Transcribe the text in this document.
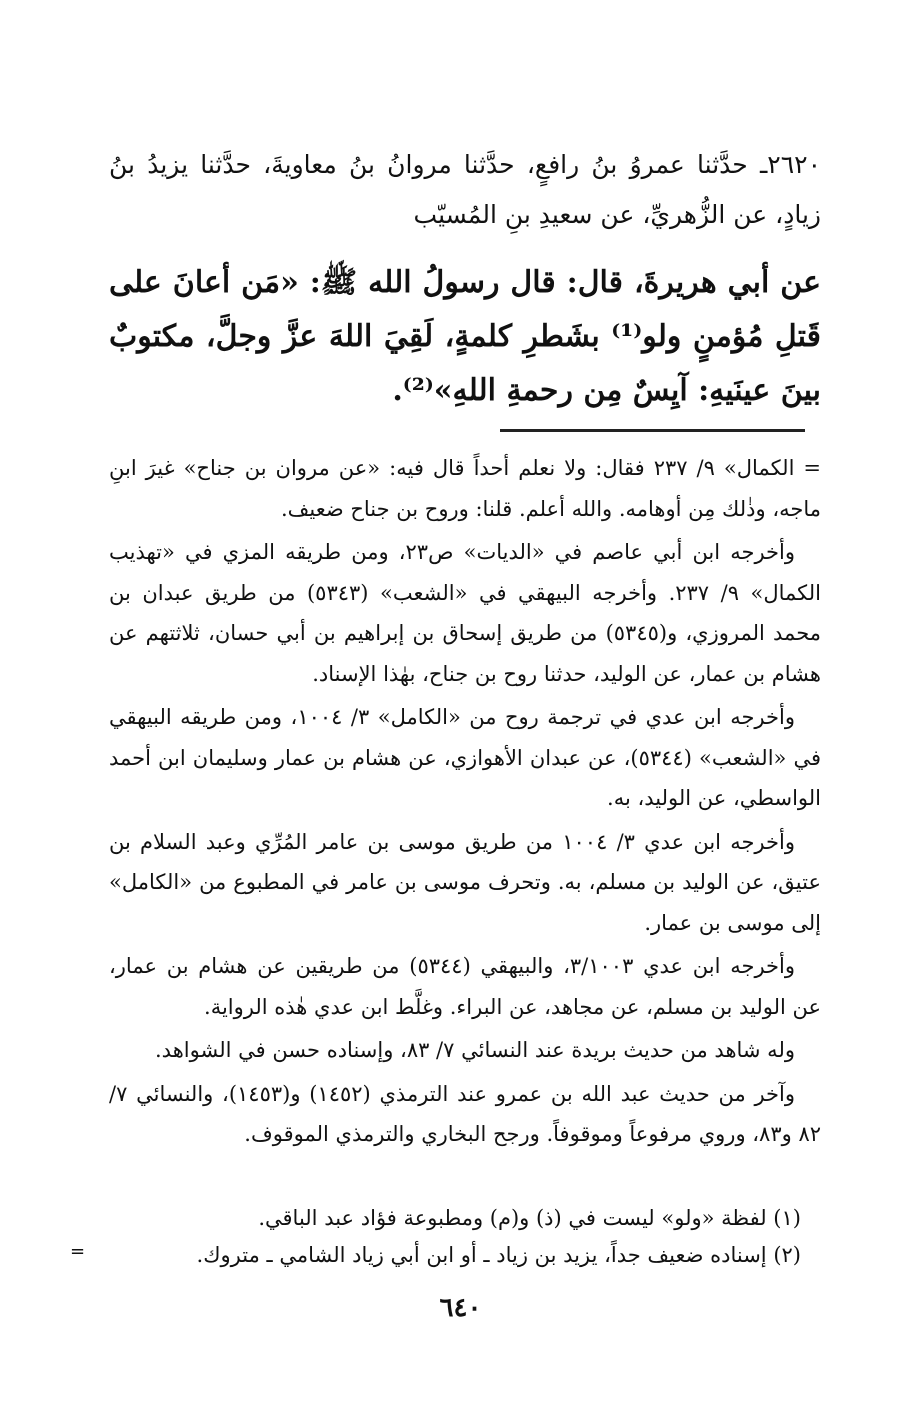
٢٦٢٠ـ حدَّثنا عمروُ بنُ رافعٍ، حدَّثنا مروانُ بنُ معاويةَ، حدَّثنا يزيدُ بنُ زيادٍ، عن الزُّهريِّ، عن سعيدِ بنِ المُسيّب
عن أبي هريرةَ، قال: قال رسولُ الله ﷺ: «مَن أعانَ على قَتلِ مُؤمنٍ ولو⁽¹⁾ بشَطرِ كلمةٍ، لَقِيَ اللهَ عزَّ وجلَّ، مكتوبٌ بينَ عينَيهِ: آيِسٌ مِن رحمةِ اللهِ»⁽²⁾.

= الكمال» ٩/ ٢٣٧ فقال: ولا نعلم أحداً قال فيه: «عن مروان بن جناح» غيرَ ابنِ ماجه، وذٰلك مِن أوهامه. والله أعلم. قلنا: وروح بن جناح ضعيف.

وأخرجه ابن أبي عاصم في «الديات» ص٢٣، ومن طريقه المزي في «تهذيب الكمال» ٩/ ٢٣٧. وأخرجه البيهقي في «الشعب» (٥٣٤٣) من طريق عبدان بن محمد المروزي، و(٥٣٤٥) من طريق إسحاق بن إبراهيم بن أبي حسان، ثلاثتهم عن هشام بن عمار، عن الوليد، حدثنا روح بن جناح، بهٰذا الإسناد.

وأخرجه ابن عدي في ترجمة روح من «الكامل» ٣/ ١٠٠٤، ومن طريقه البيهقي في «الشعب» (٥٣٤٤)، عن عبدان الأهوازي، عن هشام بن عمار وسليمان ابن أحمد الواسطي، عن الوليد، به.

وأخرجه ابن عدي ٣/ ١٠٠٤ من طريق موسى بن عامر المُرِّي وعبد السلام بن عتيق، عن الوليد بن مسلم، به. وتحرف موسى بن عامر في المطبوع من «الكامل» إلى موسى بن عمار.

وأخرجه ابن عدي ٣/١٠٠٣، والبيهقي (٥٣٤٤) من طريقين عن هشام بن عمار، عن الوليد بن مسلم، عن مجاهد، عن البراء. وغلَّط ابن عدي هٰذه الرواية.

وله شاهد من حديث بريدة عند النسائي ٧/ ٨٣، وإسناده حسن في الشواهد.

وآخر من حديث عبد الله بن عمرو عند الترمذي (١٤٥٢) و(١٤٥٣)، والنسائي ٧/ ٨٢ و٨٣، وروي مرفوعاً وموقوفاً. ورجح البخاري والترمذي الموقوف.

(١) لفظة «ولو» ليست في (ذ) و(م) ومطبوعة فؤاد عبد الباقي.
(٢) إسناده ضعيف جداً، يزيد بن زياد ـ أو ابن أبي زياد الشامي ـ متروك.
=
٦٤٠
